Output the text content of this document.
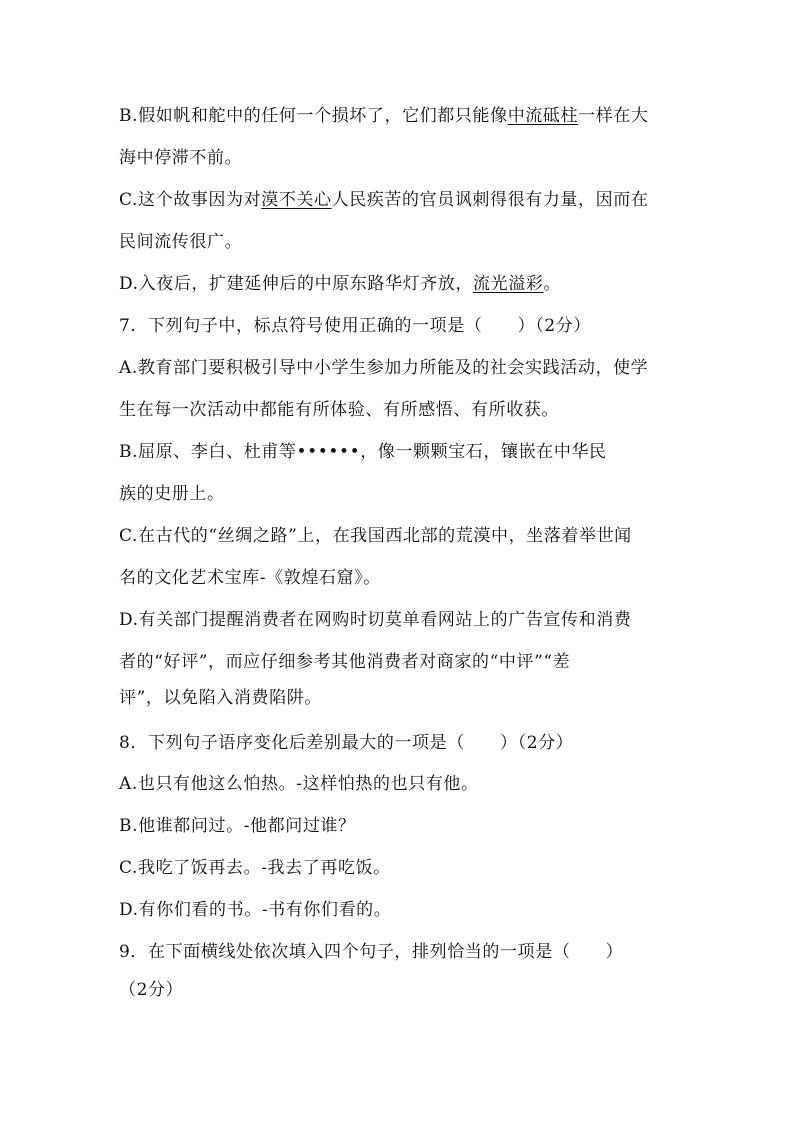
B.假如帆和舵中的任何一个损坏了，它们都只能像中流砥柱一样在大
海中停滞不前。
C.这个故事因为对漠不关心人民疾苦的官员讽刺得很有力量，因而在
民间流传很广。
D.入夜后，扩建延伸后的中原东路华灯齐放，流光溢彩。
7．下列句子中，标点符号使用正确的一项是（　　）（2分）
A.教育部门要积极引导中小学生参加力所能及的社会实践活动，使学
生在每一次活动中都能有所体验、有所感悟、有所收获。
B.屈原、李白、杜甫等••••••，像一颗颗宝石，镶嵌在中华民
族的史册上。
C.在古代的“丝绸之路”上，在我国西北部的荒漠中，坐落着举世闻
名的文化艺术宝库-《敦煌石窟》。
D.有关部门提醒消费者在网购时切莫单看网站上的广告宣传和消费
者的“好评”，而应仔细参考其他消费者对商家的“中评”“差
评”，以免陷入消费陷阱。
8．下列句子语序变化后差别最大的一项是（　　）（2分）
A.也只有他这么怕热。-这样怕热的也只有他。
B.他谁都问过。-他都问过谁？
C.我吃了饭再去。-我去了再吃饭。
D.有你们看的书。-书有你们看的。
9．在下面横线处依次填入四个句子，排列恰当的一项是（　　）
（2分）
